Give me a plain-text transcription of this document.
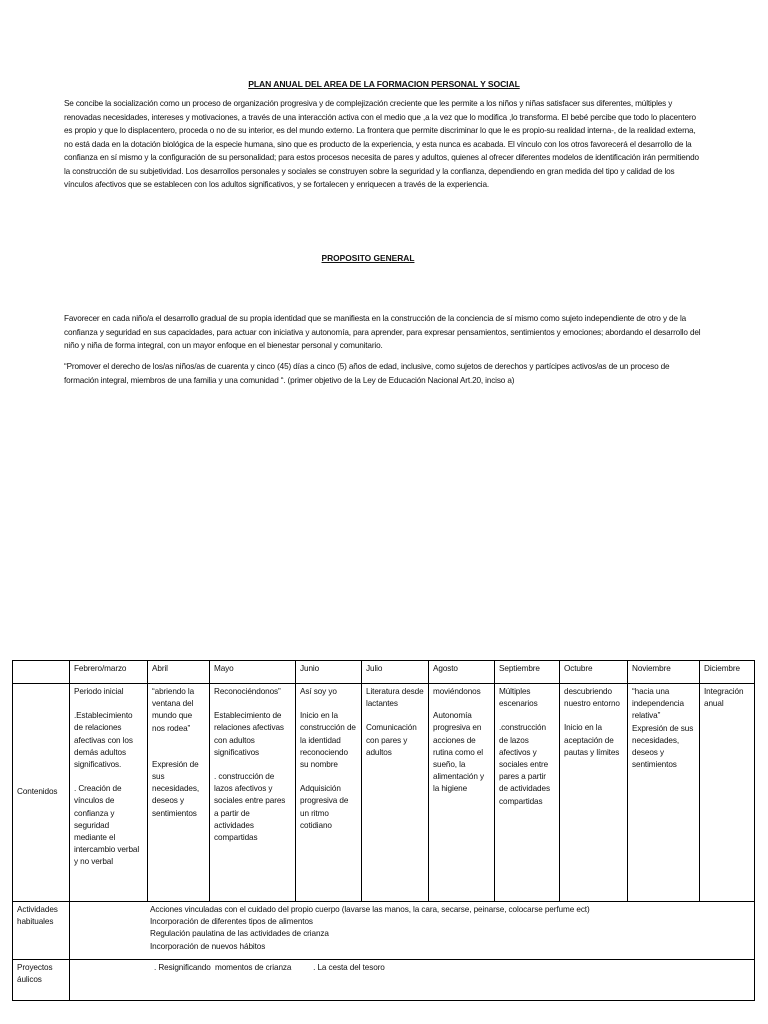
PLAN ANUAL DEL AREA DE LA FORMACION PERSONAL Y SOCIAL

Se concibe la socialización como un proceso de organización progresiva y de complejización creciente que les permite a los niños y niñas satisfacer sus diferentes, múltiples y renovadas necesidades, intereses y motivaciones, a través de una interacción activa con el medio que ,a la vez que lo modifica ,lo transforma. El bebé percibe que todo lo placentero es propio y que lo displacentero, proceda o no de su interior, es del mundo externo. La frontera que permite discriminar lo que le es propio-su realidad interna-, de la realidad externa, no está dada en la dotación biológica de la especie humana, sino que es producto de la experiencia, y esta nunca es acabada. El vínculo con los otros favorecerá el desarrollo de la confianza en sí mismo y la configuración de su personalidad; para estos procesos necesita de pares y adultos, quienes al ofrecer diferentes modelos de identificación irán permitiendo la construcción de su subjetividad. Los desarrollos personales y sociales se construyen sobre la seguridad y la confianza, dependiendo en gran medida del tipo y calidad de los vínculos afectivos que se establecen con los adultos significativos, y se fortalecen y enriquecen a través de la experiencia.

PROPOSITO GENERAL

Favorecer en cada niño/a el desarrollo gradual de su propia identidad que se manifiesta en la construcción de la conciencia de sí mismo como sujeto independiente de otro y de la confianza y seguridad en sus capacidades, para actuar con iniciativa y autonomía, para aprender, para expresar pensamientos, sentimientos y emociones; abordando el desarrollo del niño y niña de forma integral, con un mayor enfoque en el bienestar personal y comunitario.

“Promover el derecho de los/as niños/as de cuarenta y cinco (45) días a cinco (5) años de edad, inclusive, como sujetos de derechos y partícipes activos/as de un proceso de formación integral, miembros de una familia y una comunidad “. (primer objetivo de la Ley de Educación Nacional Art.20, inciso a)

	Febrero/marzo	Abril	Mayo	Junio	Julio	Agosto	Septiembre	Octubre	Noviembre	Diciembre
Contenidos	Periodo inicial
.Establecimiento de relaciones afectivas con los demás adultos significativos.
. Creación de vínculos de confianza y seguridad mediante el intercambio verbal y no verbal	“abriendo la ventana del mundo que nos rodea”
Expresión de sus necesidades, deseos y sentimientos	Reconociéndonos”
Establecimiento de relaciones afectivas con adultos significativos
. construcción de lazos afectivos y sociales entre pares a partir de actividades compartidas	Así soy yo
Inicio en la construcción de la identidad reconociendo su nombre
Adquisición progresiva de un ritmo cotidiano	Literatura desde lactantes
Comunicación con pares y adultos	moviéndonos
Autonomía progresiva en acciones de rutina como el sueño, la alimentación y la higiene	Múltiples escenarios
.construcción de lazos afectivos y sociales entre pares a partir de actividades compartidas	descubriendo nuestro entorno
Inicio en la aceptación de pautas y límites	“hacia una independencia relativa”
Expresión de sus necesidades, deseos y sentimientos	Integración anual

Actividades habituales	Acciones vinculadas con el cuidado del propio cuerpo (lavarse las manos, la cara, secarse, peinarse, colocarse perfume ect)
Incorporación de diferentes tipos de alimentos
Regulación paulatina de las actividades de crianza
Incorporación de nuevos hábitos									

Proyectos áulicos	. Resignificando  momentos de crianza          . La cesta del tesoro									
